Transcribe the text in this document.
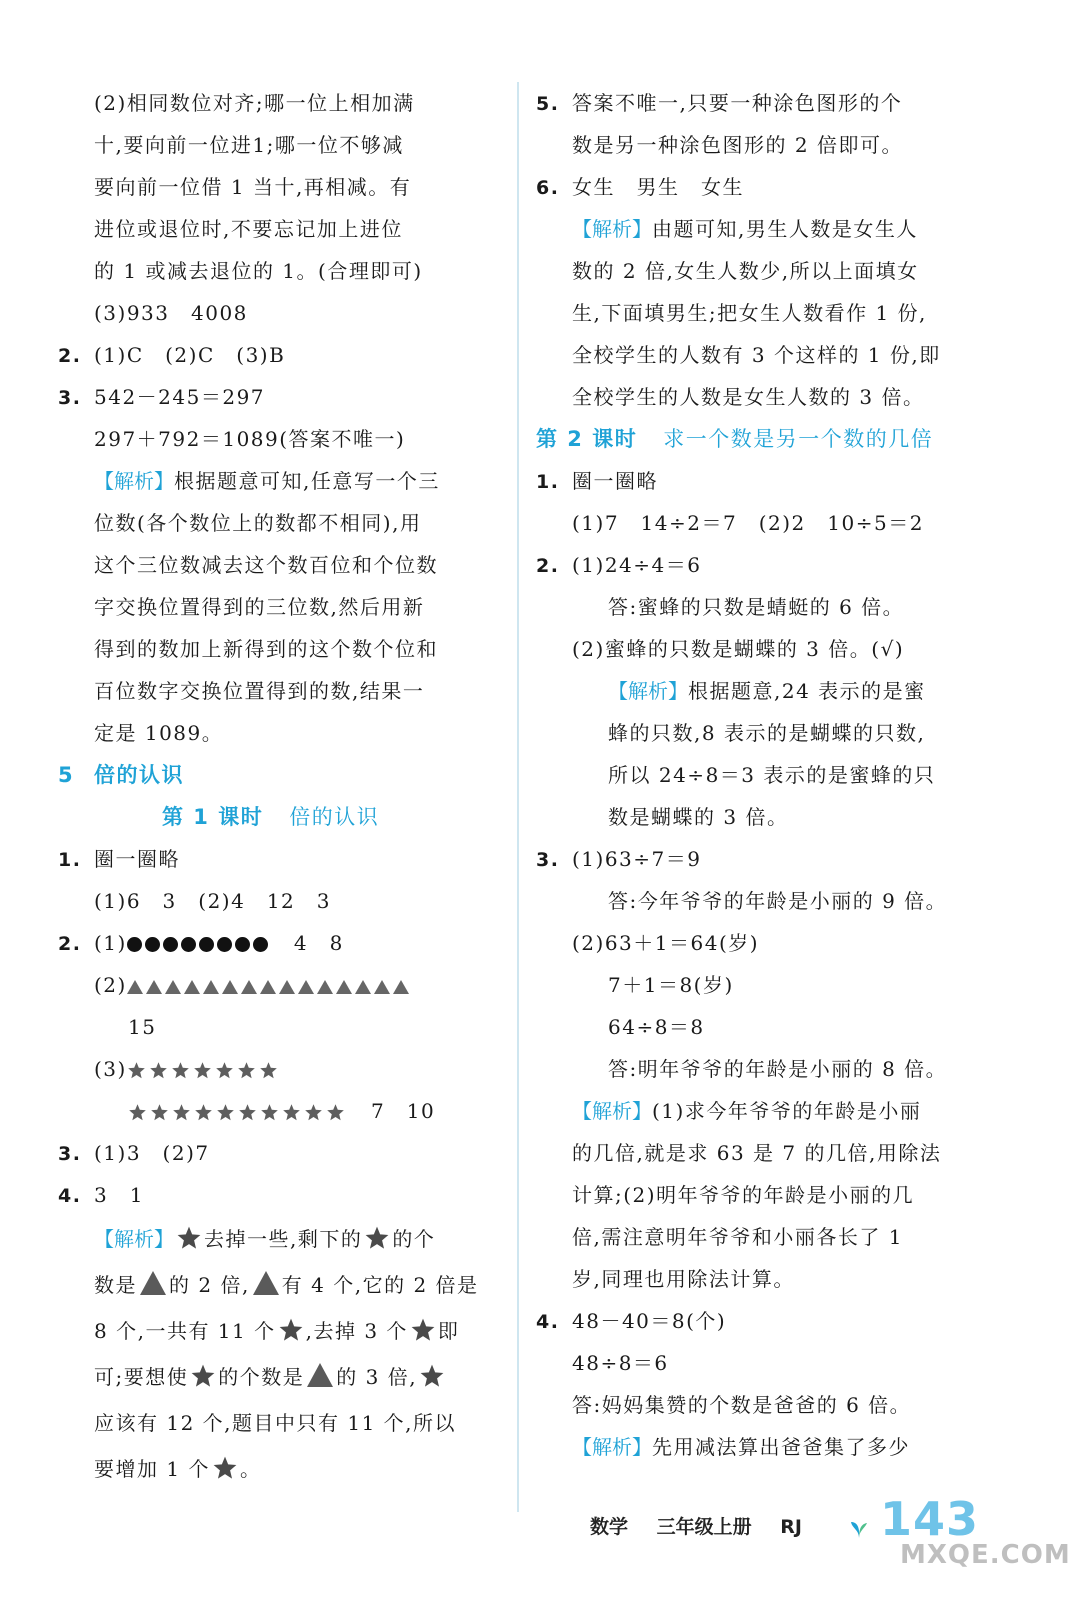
(2)相同数位对齐;哪一位上相加满
十,要向前一位进1;哪一位不够减
要向前一位借 1 当十,再相减。有
进位或退位时,不要忘记加上进位
的 1 或减去退位的 1。(合理即可)
(3)933　4008
2. (1)C　(2)C　(3)B
3. 542－245＝297
297＋792＝1089(答案不唯一)
【解析】根据题意可知,任意写一个三
位数(各个数位上的数都不相同),用
这个三位数减去这个数百位和个位数
字交换位置得到的三位数,然后用新
得到的数加上新得到的这个数个位和
百位数字交换位置得到的数,结果一
定是 1089。
5 倍的认识
第 1 课时 倍的认识
1. 圈一圈略
(1)6　3　(2)4　12　3
2. (1)	4　8
(2)
15
(3)
7　10
3. (1)3　(2)7
4. 3　1
【解析】 去掉一些,剩下的 的个
数是 的 2 倍, 有 4 个,它的 2 倍是
8 个,一共有 11 个 ,去掉 3 个 即
可;要想使 的个数是 的 3 倍,
应该有 12 个,题目中只有 11 个,所以
要增加 1 个 。
5. 答案不唯一,只要一种涂色图形的个
数是另一种涂色图形的 2 倍即可。
6. 女生　男生　女生
【解析】由题可知,男生人数是女生人
数的 2 倍,女生人数少,所以上面填女
生,下面填男生;把女生人数看作 1 份,
全校学生的人数有 3 个这样的 1 份,即
全校学生的人数是女生人数的 3 倍。
第 2 课时 求一个数是另一个数的几倍
1. 圈一圈略
(1)7　14÷2＝7　(2)2　10÷5＝2
2. (1)24÷4＝6
答:蜜蜂的只数是蜻蜓的 6 倍。
(2)蜜蜂的只数是蝴蝶的 3 倍。(√)
【解析】根据题意,24 表示的是蜜
蜂的只数,8 表示的是蝴蝶的只数,
所以 24÷8＝3 表示的是蜜蜂的只
数是蝴蝶的 3 倍。
3. (1)63÷7＝9
答:今年爷爷的年龄是小丽的 9 倍。
(2)63＋1＝64(岁)
7＋1＝8(岁)
64÷8＝8
答:明年爷爷的年龄是小丽的 8 倍。
【解析】(1)求今年爷爷的年龄是小丽
的几倍,就是求 63 是 7 的几倍,用除法
计算;(2)明年爷爷的年龄是小丽的几
倍,需注意明年爷爷和小丽各长了 1
岁,同理也用除法计算。
4. 48－40＝8(个)
48÷8＝6
答:妈妈集赞的个数是爸爸的 6 倍。
【解析】先用减法算出爸爸集了多少
数学 三年级上册 RJ	143
MXQE.COM
